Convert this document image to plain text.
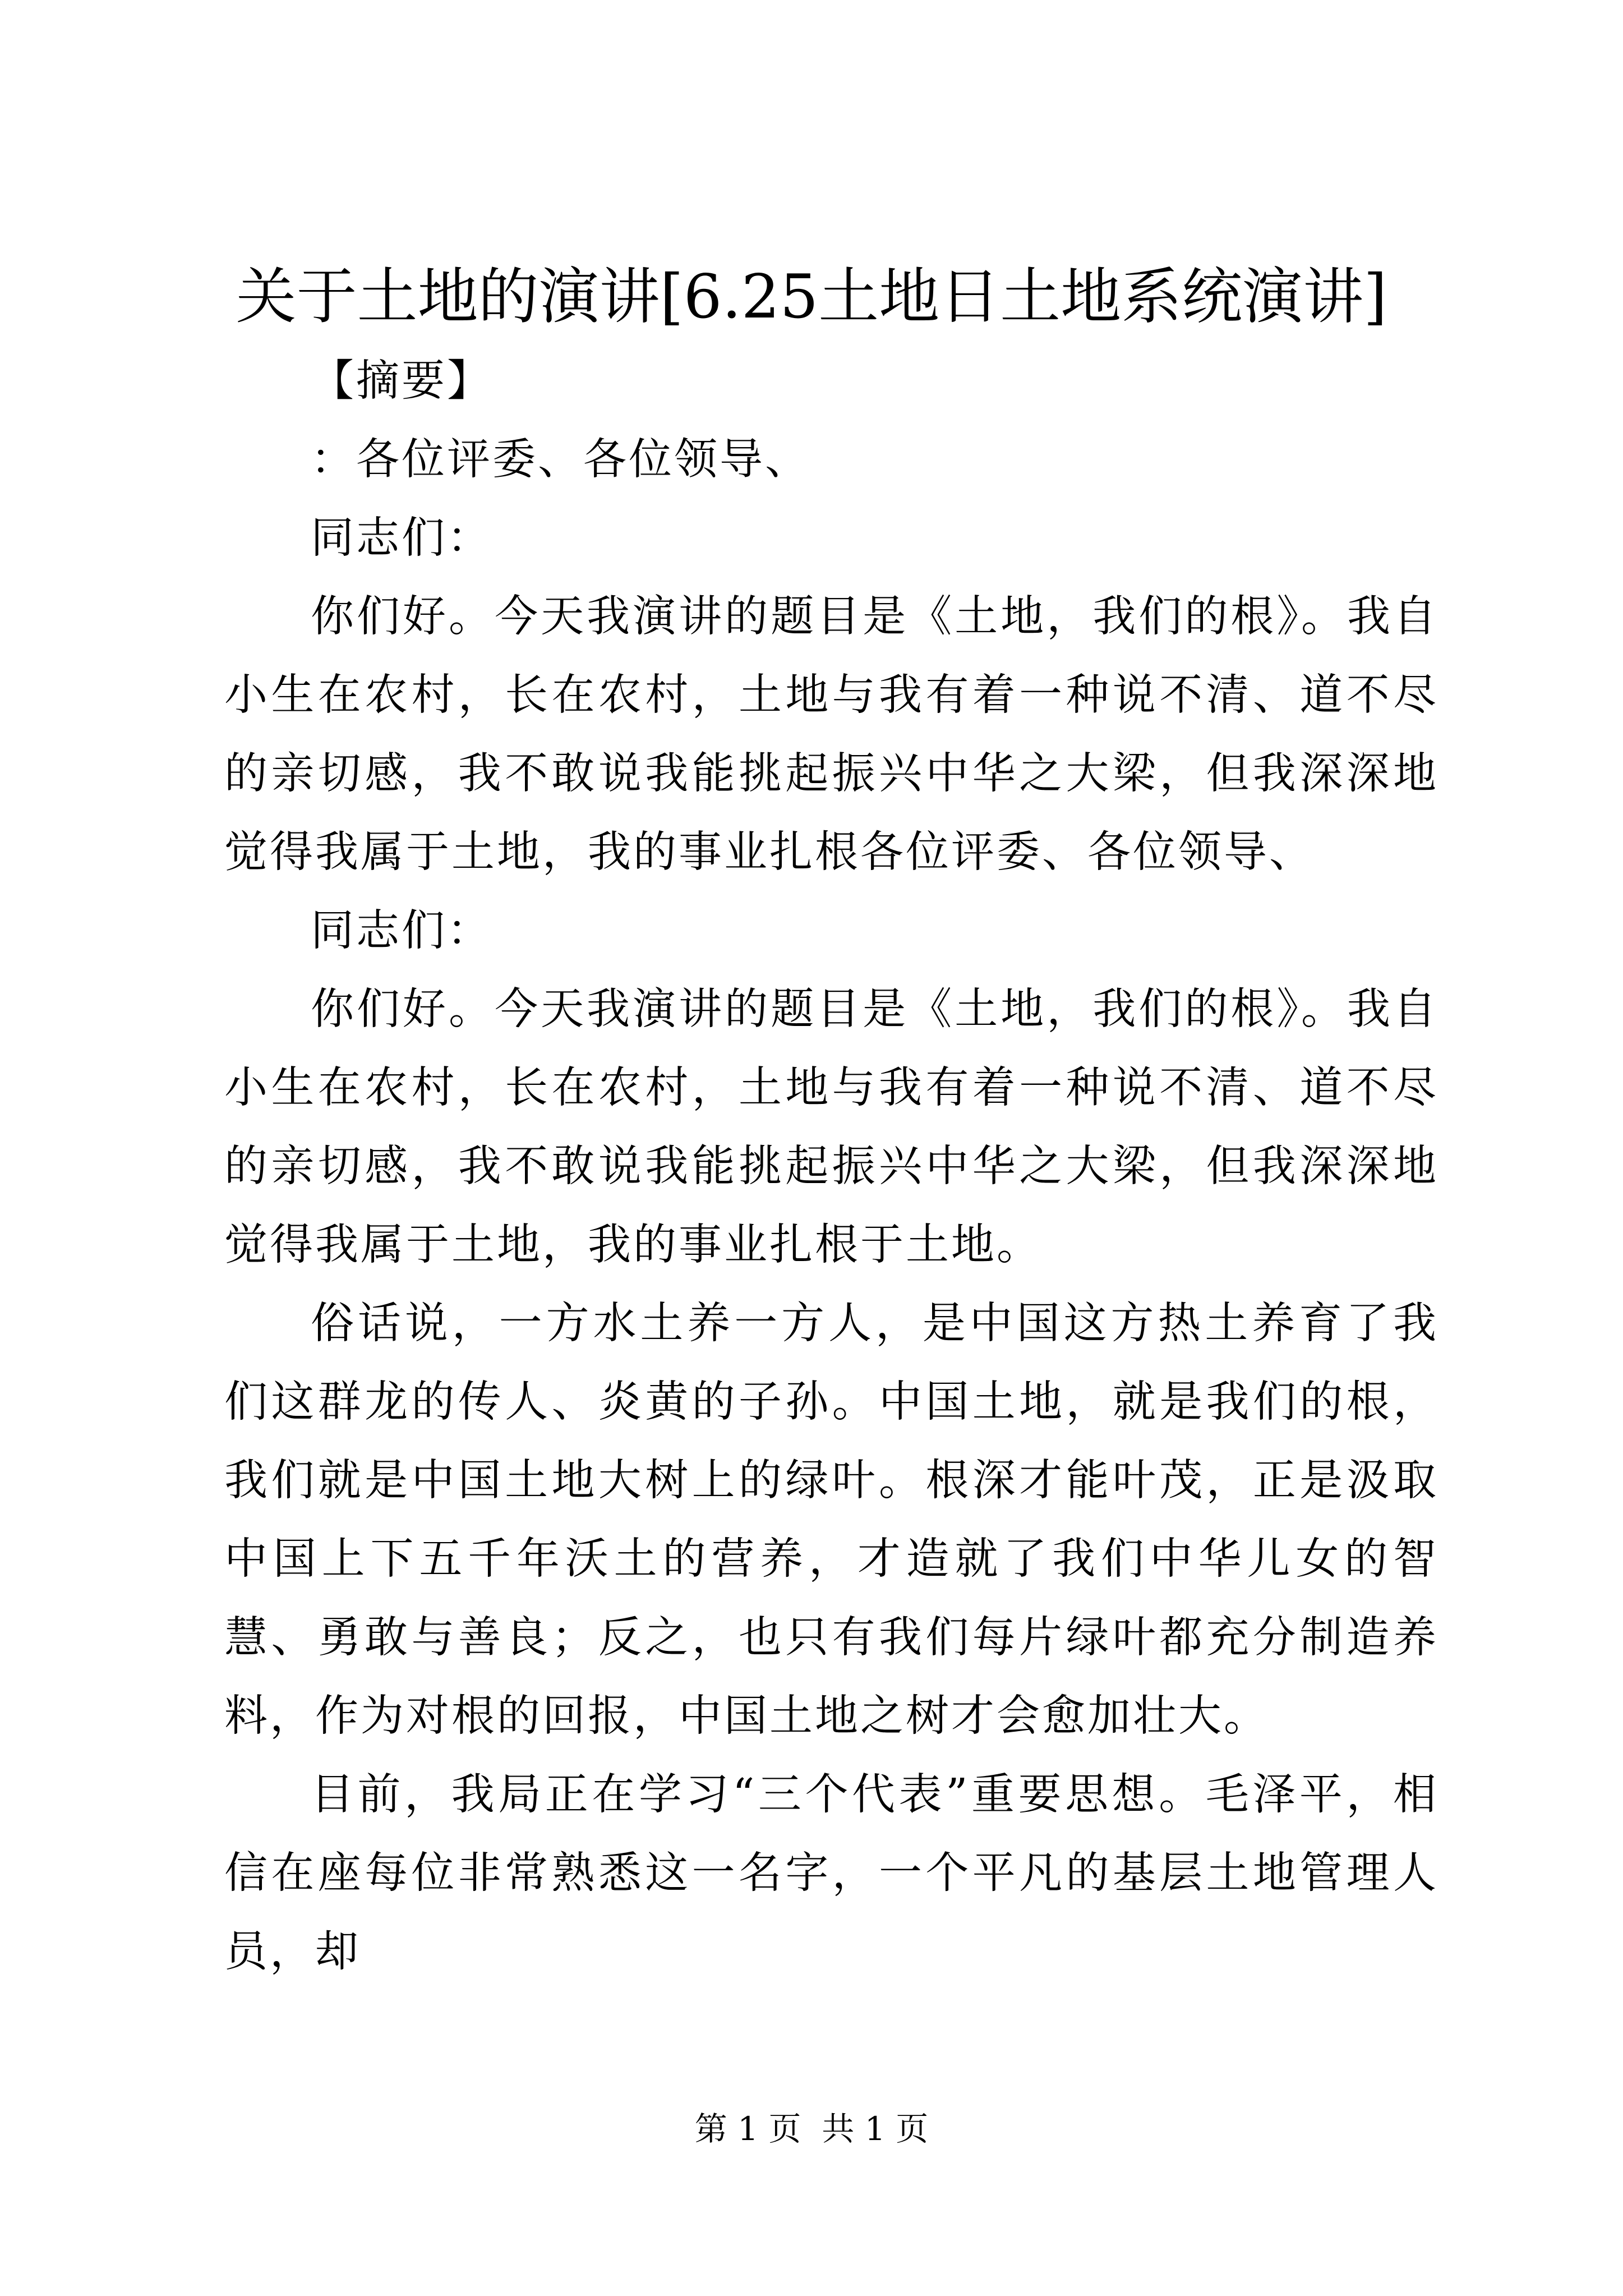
关于土地的演讲[6.25土地日土地系统演讲]

【摘要】

：各位评委、各位领导、

同志们：

你们好。今天我演讲的题目是《土地，我们的根》。我自小生在农村，长在农村，土地与我有着一种说不清、道不尽的亲切感，我不敢说我能挑起振兴中华之大梁，但我深深地觉得我属于土地，我的事业扎根各位评委、各位领导、

同志们：

你们好。今天我演讲的题目是《土地，我们的根》。我自小生在农村，长在农村，土地与我有着一种说不清、道不尽的亲切感，我不敢说我能挑起振兴中华之大梁，但我深深地觉得我属于土地，我的事业扎根于土地。

俗话说，一方水土养一方人，是中国这方热土养育了我们这群龙的传人、炎黄的子孙。中国土地，就是我们的根，我们就是中国土地大树上的绿叶。根深才能叶茂，正是汲取中国上下五千年沃土的营养，才造就了我们中华儿女的智慧、勇敢与善良；反之，也只有我们每片绿叶都充分制造养料，作为对根的回报，中国土地之树才会愈加壮大。

目前，我局正在学习“三个代表”重要思想。毛泽平，相信在座每位非常熟悉这一名字，一个平凡的基层土地管理人员，却

第 1 页  共 1 页
